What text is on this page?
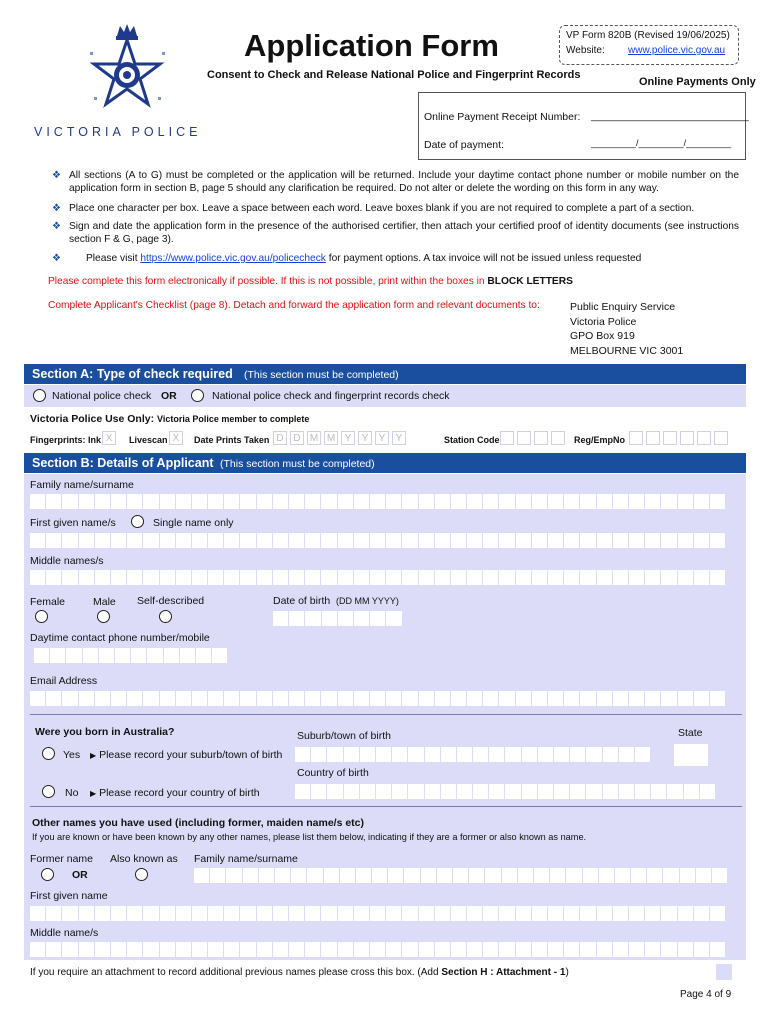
VICTORIA POLICE
Application Form
Consent to Check and Release National Police and Fingerprint Records
VP Form 820B (Revised 19/06/2025)
Website: www.police.vic.gov.au
Online Payments Only
Online Payment Receipt Number: ___________________________
Date of payment:	_________/_________/_________
❖ All sections (A to G) must be completed or the application will be returned. Include your daytime contact phone number or mobile number on the application form in section B, page 5 should any clarification be required. Do not alter or delete the wording on this form in any way.
❖ Place one character per box. Leave a space between each word. Leave boxes blank if you are not required to complete a part of a section.
❖ Sign and date the application form in the presence of the authorised certifier, then attach your certified proof of identity documents (see instructions section F & G, page 3).
❖ Please visit https://www.police.vic.gov.au/policecheck for payment options. A tax invoice will not be issued unless requested
Please complete this form electronically if possible. If this is not possible, print within the boxes in BLOCK LETTERS
Complete Applicant's Checklist (page 8). Detach and forward the application form and relevant documents to:	Public Enquiry Service
Victoria Police
GPO Box 919
MELBOURNE VIC 3001
Section A: Type of check required (This section must be completed)
National police check OR	National police check and fingerprint records check
Victoria Police Use Only: Victoria Police member to complete
Fingerprints: Ink X	Livescan X	Date Prints Taken D D M M Y	Y	Y	Y	Station Code	Reg/EmpNo
Section B: Details of Applicant (This section must be completed)
Family name/surname
First given name/s	Single name only
Middle names/s
Female	Male Self-described	Date of birth (DD MM YYYY)
Daytime contact phone number/mobile
Email Address
Were you born in Australia?	Suburb/town of birth	State
Yes ▶ Please record your suburb/town of birth
Country of birth
No ▶ Please record your country of birth
Other names you have used (including former, maiden name/s etc)
If you are known or have been known by any other names, please list them below, indicating if they are a former or also known as name.
Former name Also known as Family name/surname
OR
First given name
Middle name/s
If you require an attachment to record additional previous names please cross this box. (Add Section H : Attachment - 1)
Page 4 of 9
